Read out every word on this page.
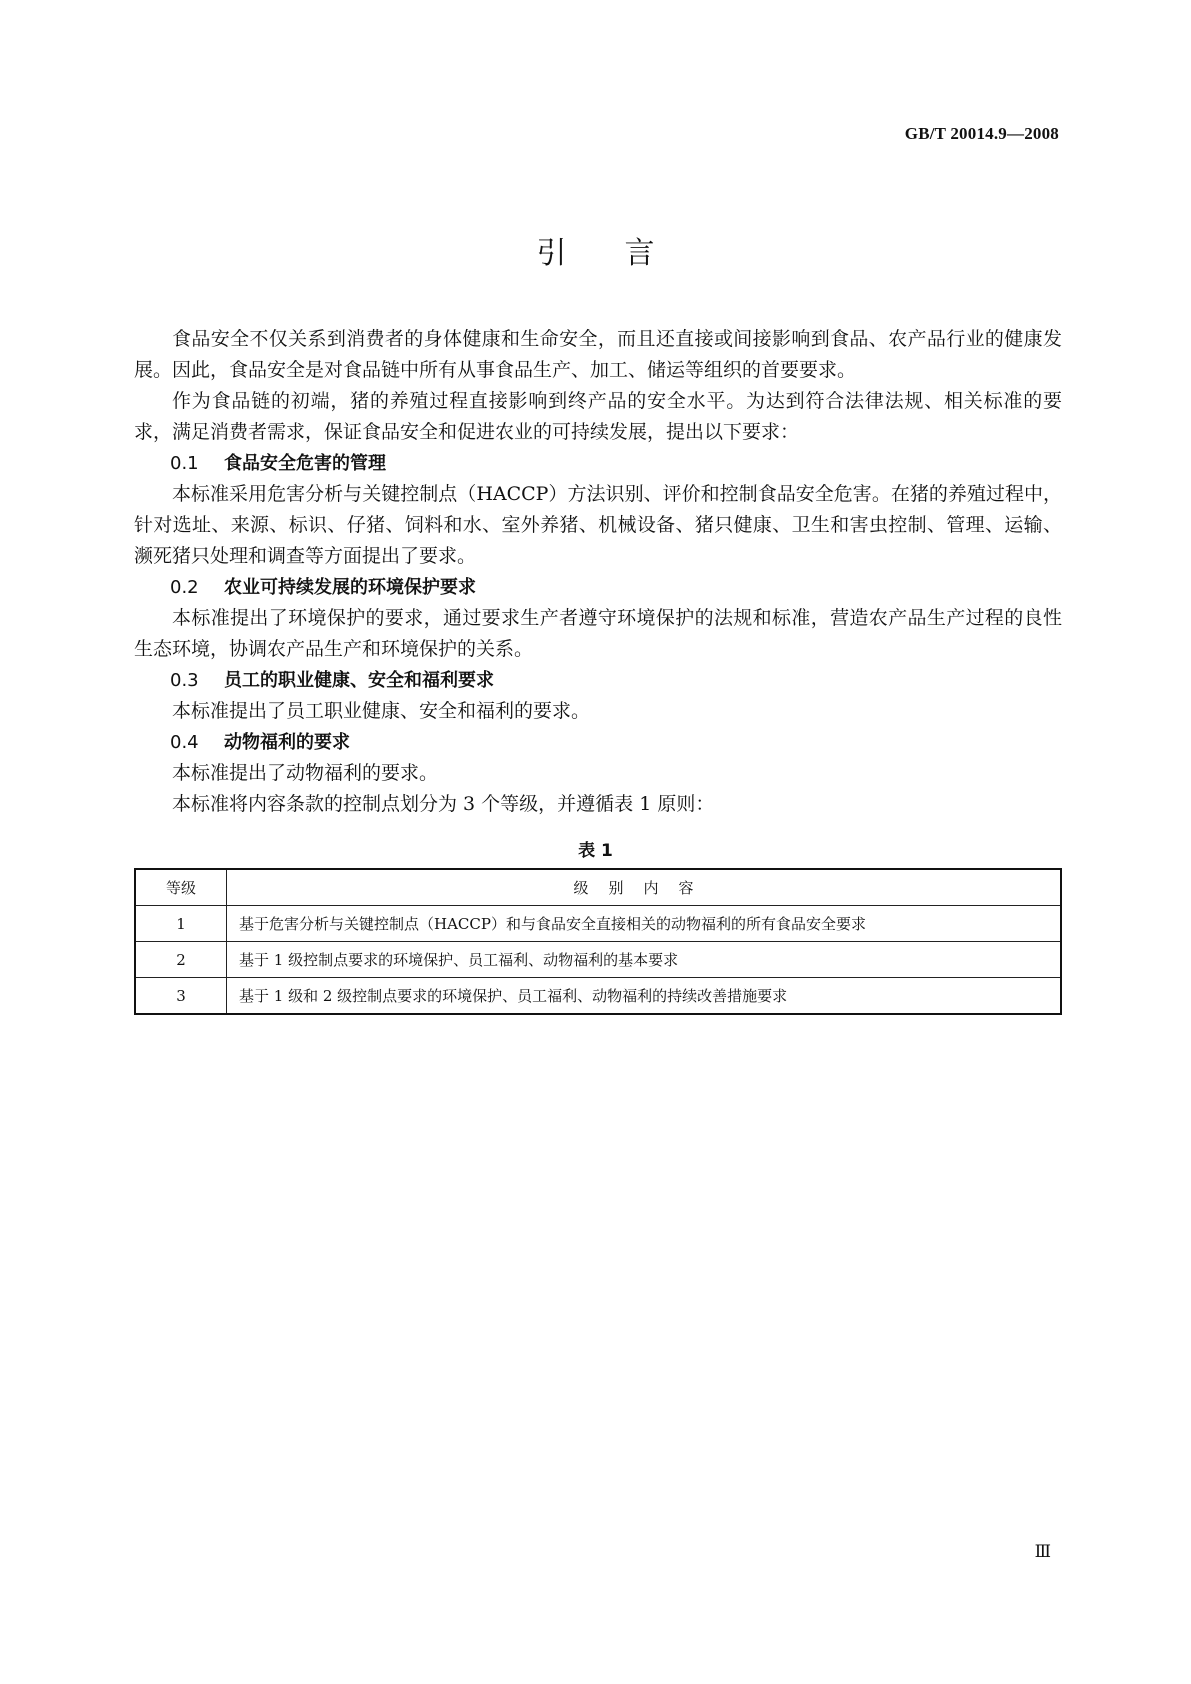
GB/T 20014.9—2008
引言

食品安全不仅关系到消费者的身体健康和生命安全，而且还直接或间接影响到食品、农产品行业的健康发展。因此，食品安全是对食品链中所有从事食品生产、加工、储运等组织的首要要求。

作为食品链的初端，猪的养殖过程直接影响到终产品的安全水平。为达到符合法律法规、相关标准的要求，满足消费者需求，保证食品安全和促进农业的可持续发展，提出以下要求：

0.1 食品安全危害的管理

本标准采用危害分析与关键控制点（HACCP）方法识别、评价和控制食品安全危害。在猪的养殖过程中，针对选址、来源、标识、仔猪、饲料和水、室外养猪、机械设备、猪只健康、卫生和害虫控制、管理、运输、濒死猪只处理和调查等方面提出了要求。

0.2 农业可持续发展的环境保护要求

本标准提出了环境保护的要求，通过要求生产者遵守环境保护的法规和标准，营造农产品生产过程的良性生态环境，协调农产品生产和环境保护的关系。

0.3 员工的职业健康、安全和福利要求

本标准提出了员工职业健康、安全和福利的要求。

0.4 动物福利的要求

本标准提出了动物福利的要求。

本标准将内容条款的控制点划分为 3 个等级，并遵循表 1 原则：

表 1
等级	级别内容
1	基于危害分析与关键控制点（HACCP）和与食品安全直接相关的动物福利的所有食品安全要求
2	基于 1 级控制点要求的环境保护、员工福利、动物福利的基本要求
3	基于 1 级和 2 级控制点要求的环境保护、员工福利、动物福利的持续改善措施要求
Ⅲ
